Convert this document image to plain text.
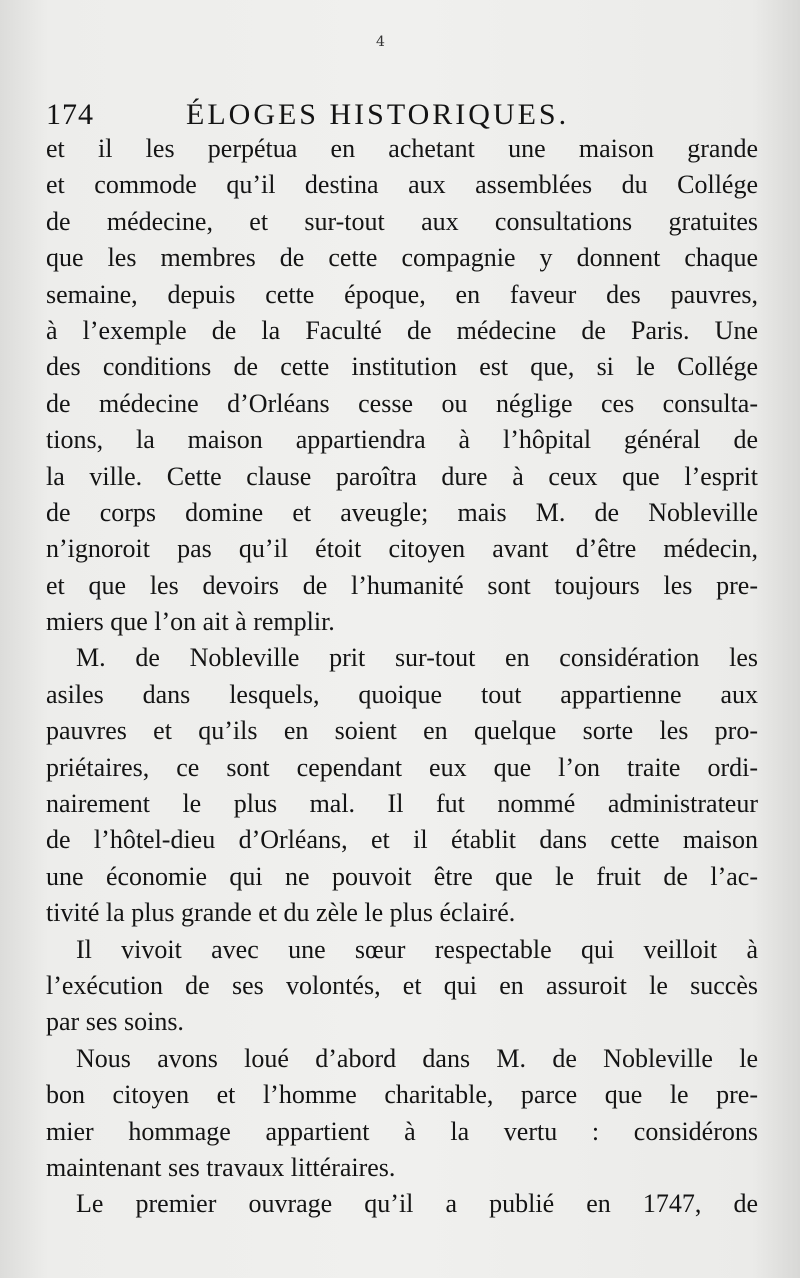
4
174	ÉLOGES HISTORIQUES.
et il les perpétua en achetant une maison grande
et commode qu’il destina aux assemblées du Collége
de médecine, et sur-tout aux consultations gratuites
que les membres de cette compagnie y donnent chaque
semaine, depuis cette époque, en faveur des pauvres,
à l’exemple de la Faculté de médecine de Paris. Une
des conditions de cette institution est que, si le Collége
de médecine d’Orléans cesse ou néglige ces consulta-
tions, la maison appartiendra à l’hôpital général de
la ville. Cette clause paroîtra dure à ceux que l’esprit
de corps domine et aveugle; mais M. de Nobleville
n’ignoroit pas qu’il étoit citoyen avant d’être médecin,
et que les devoirs de l’humanité sont toujours les pre-
miers que l’on ait à remplir.
M. de Nobleville prit sur-tout en considération les
asiles dans lesquels, quoique tout appartienne aux
pauvres et qu’ils en soient en quelque sorte les pro-
priétaires, ce sont cependant eux que l’on traite ordi-
nairement le plus mal. Il fut nommé administrateur
de l’hôtel-dieu d’Orléans, et il établit dans cette maison
une économie qui ne pouvoit être que le fruit de l’ac-
tivité la plus grande et du zèle le plus éclairé.
Il vivoit avec une sœur respectable qui veilloit à
l’exécution de ses volontés, et qui en assuroit le succès
par ses soins.
Nous avons loué d’abord dans M. de Nobleville le
bon citoyen et l’homme charitable, parce que le pre-
mier hommage appartient à la vertu : considérons
maintenant ses travaux littéraires.
Le premier ouvrage qu’il a publié en 1747, de
